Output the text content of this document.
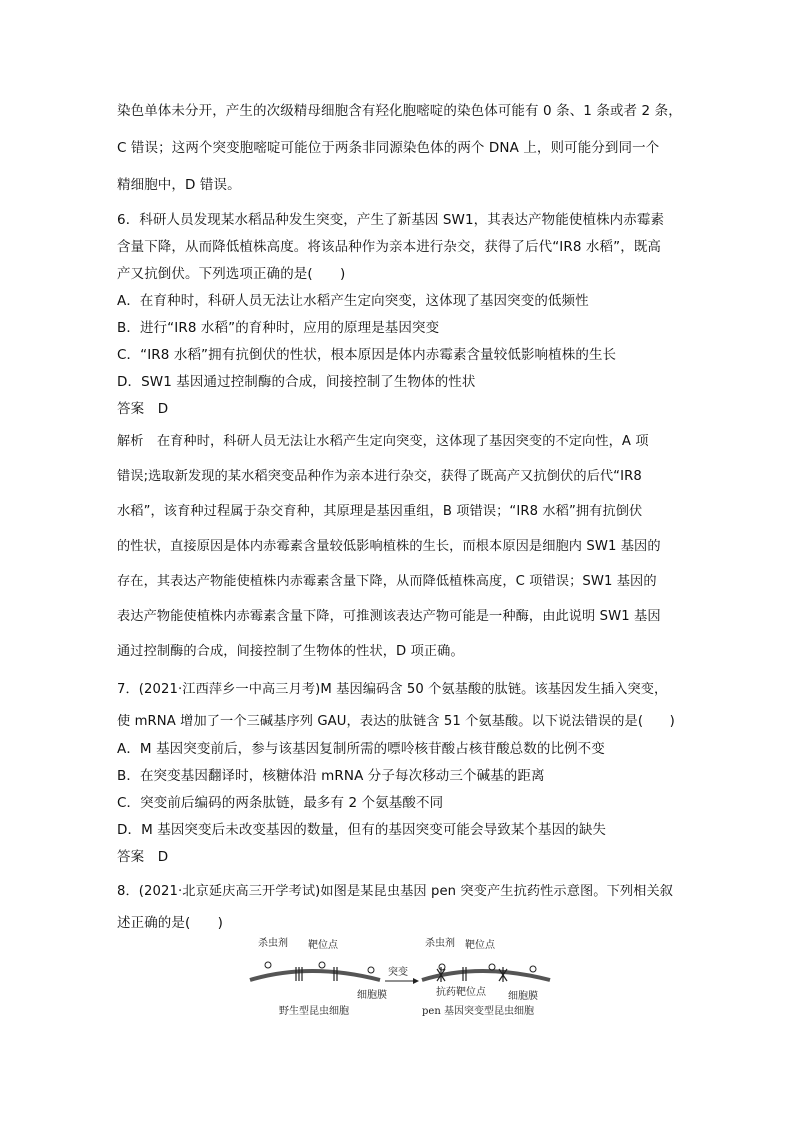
染色单体未分开，产生的次级精母细胞含有羟化胞嘧啶的染色体可能有 0 条、1 条或者 2 条，
C 错误；这两个突变胞嘧啶可能位于两条非同源染色体的两个 DNA 上，则可能分到同一个
精细胞中，D 错误。
6．科研人员发现某水稻品种发生突变，产生了新基因 SW1，其表达产物能使植株内赤霉素
含量下降，从而降低植株高度。将该品种作为亲本进行杂交，获得了后代“IR8 水稻”，既高
产又抗倒伏。下列选项正确的是(　　)
A．在育种时，科研人员无法让水稻产生定向突变，这体现了基因突变的低频性
B．进行“IR8 水稻”的育种时，应用的原理是基因突变
C．“IR8 水稻”拥有抗倒伏的性状，根本原因是体内赤霉素含量较低影响植株的生长
D．SW1 基因通过控制酶的合成，间接控制了生物体的性状
答案　D
解析　在育种时，科研人员无法让水稻产生定向突变，这体现了基因突变的不定向性，A 项
错误;选取新发现的某水稻突变品种作为亲本进行杂交，获得了既高产又抗倒伏的后代“IR8
水稻”，该育种过程属于杂交育种，其原理是基因重组，B 项错误；“IR8 水稻”拥有抗倒伏
的性状，直接原因是体内赤霉素含量较低影响植株的生长，而根本原因是细胞内 SW1 基因的
存在，其表达产物能使植株内赤霉素含量下降，从而降低植株高度，C 项错误；SW1 基因的
表达产物能使植株内赤霉素含量下降，可推测该表达产物可能是一种酶，由此说明 SW1 基因
通过控制酶的合成，间接控制了生物体的性状，D 项正确。
7．(2021·江西萍乡一中高三月考)M 基因编码含 50 个氨基酸的肽链。该基因发生插入突变，
使 mRNA 增加了一个三碱基序列 GAU，表达的肽链含 51 个氨基酸。以下说法错误的是(　　)
A．M 基因突变前后，参与该基因复制所需的嘌呤核苷酸占核苷酸总数的比例不变
B．在突变基因翻译时，核糖体沿 mRNA 分子每次移动三个碱基的距离
C．突变前后编码的两条肽链，最多有 2 个氨基酸不同
D．M 基因突变后未改变基因的数量，但有的基因突变可能会导致某个基因的缺失
答案　D
8．(2021·北京延庆高三开学考试)如图是某昆虫基因 pen 突变产生抗药性示意图。下列相关叙
述正确的是(　　)
杀虫剂 靶位点
细胞膜
野生型昆虫细胞
突变
杀虫剂 靶位点
抗药靶位点 细胞膜
pen 基因突变型昆虫细胞
